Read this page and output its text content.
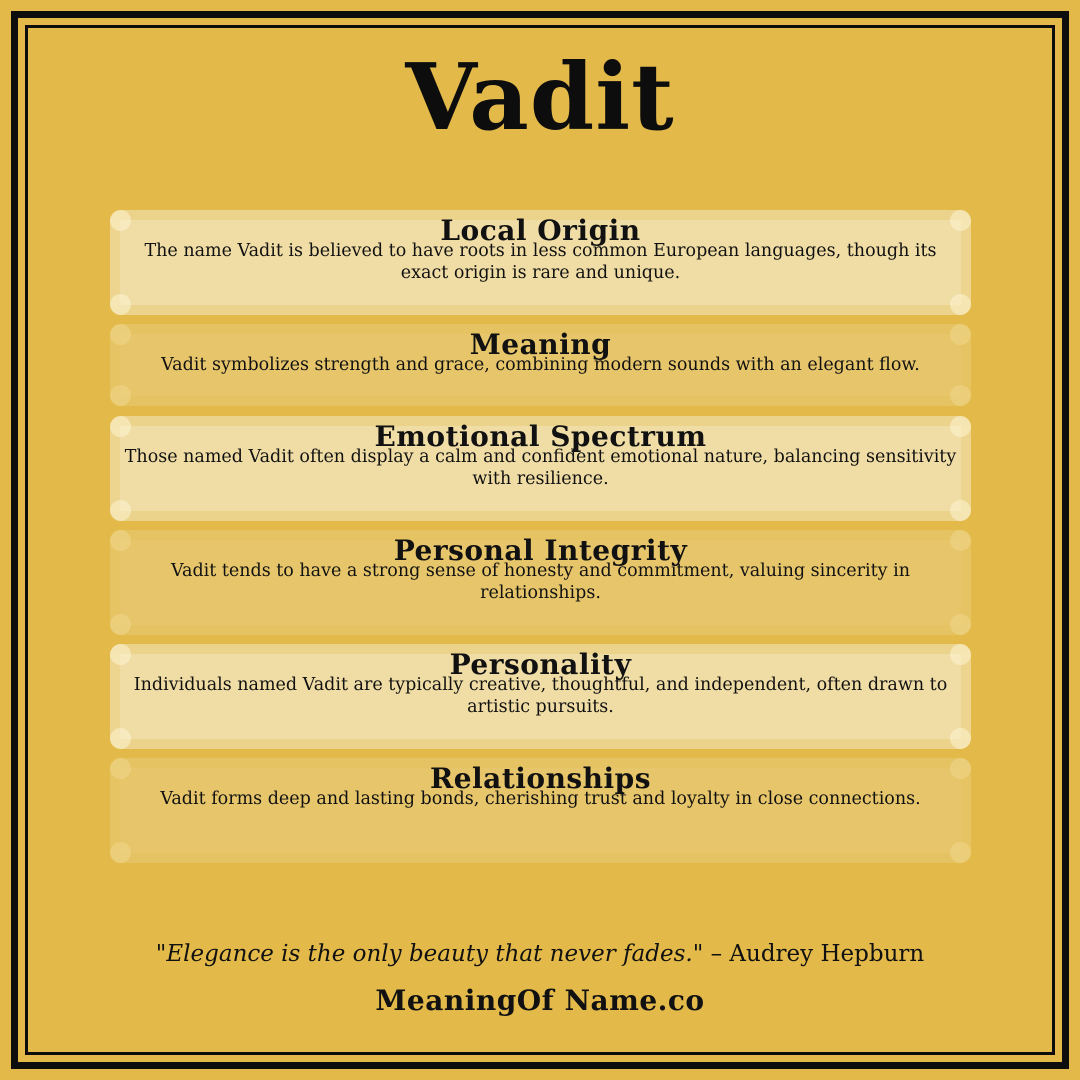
Vadit
Local Origin
The name Vadit is believed to have roots in less common European languages, though its exact origin is rare and unique.
Meaning
Vadit symbolizes strength and grace, combining modern sounds with an elegant flow.
Emotional Spectrum
Those named Vadit often display a calm and confident emotional nature, balancing sensitivity with resilience.
Personal Integrity
Vadit tends to have a strong sense of honesty and commitment, valuing sincerity in relationships.
Personality
Individuals named Vadit are typically creative, thoughtful, and independent, often drawn to artistic pursuits.
Relationships
Vadit forms deep and lasting bonds, cherishing trust and loyalty in close connections.
"Elegance is the only beauty that never fades." – Audrey Hepburn
MeaningOf Name.co
